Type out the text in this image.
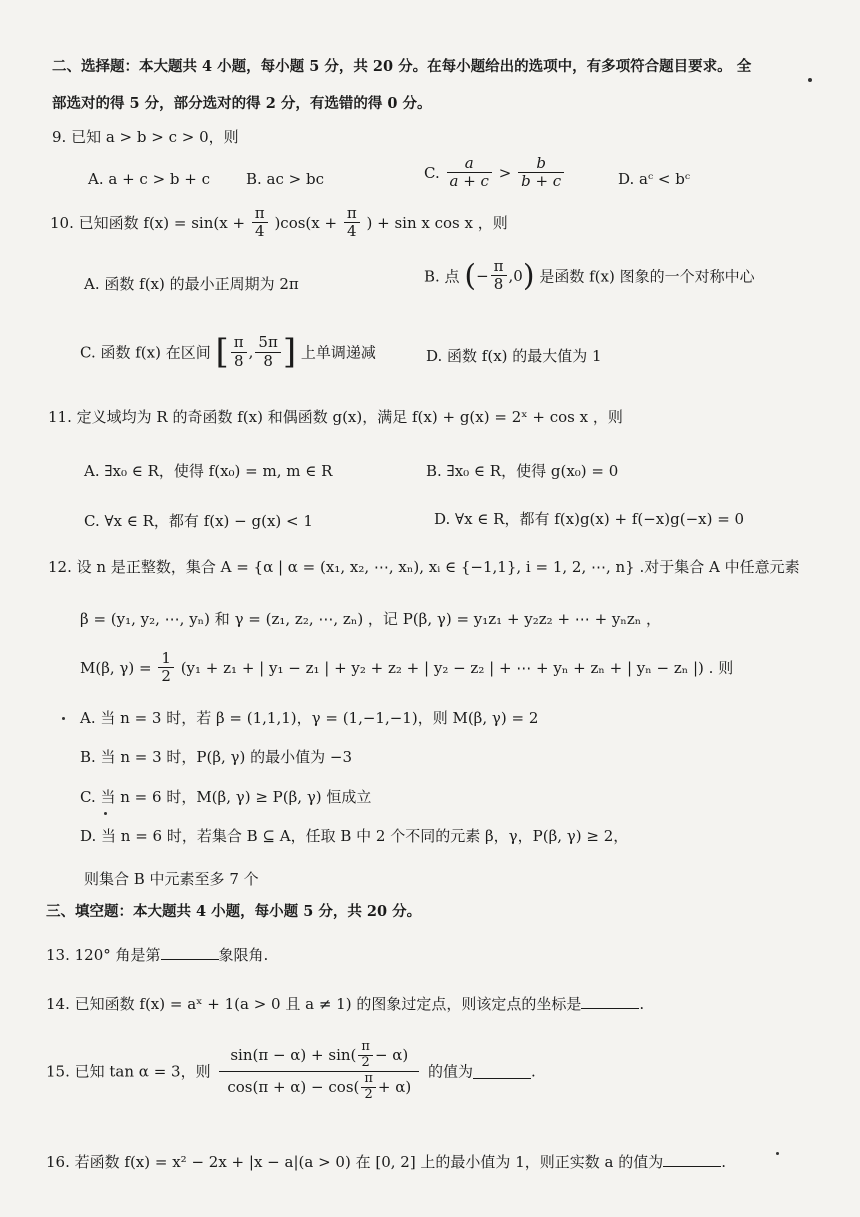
二、选择题：本大题共 4 小题，每小题 5 分，共 20 分。在每小题给出的选项中，有多项符合题目要求。 全
部选对的得 5 分，部分选对的得 2 分，有选错的得 0 分。
9. 已知 a > b > c > 0，则
A. a + c > b + c B. ac > bc	C. $\frac{a}{a + c} > \frac{b}{b + c}$	D. aᶜ < bᶜ
10. 已知函数 $f(x) = \sin(x + \frac{\pi}{4} )\cos(x + \frac{\pi}{4}$ ) + sin x cos x ，则
A. 函数 f(x) 的最小正周期为 2π	B. 点 (− $\frac{\pi}{8} ,0$) 是函数 f(x) 图象的一个对称中心
C. 函数 f(x) 在区间 [ $\frac{\pi}{8}$ , $\frac{5\pi}{8}$ ] 上单调递减	D. 函数 f(x) 的最大值为 1
11. 定义域均为 R 的奇函数 f(x) 和偶函数 g(x)，满足 f(x) + g(x) = 2ˣ + cos x ，则
A. ∃x₀ ∈ R，使得 f(x₀) = m, m ∈ R	B. ∃x₀ ∈ R，使得 g(x₀) = 0
C. ∀x ∈ R，都有 f(x) − g(x) < 1	D. ∀x ∈ R，都有 f(x)g(x) + f(−x)g(−x) = 0
12. 设 n 是正整数，集合 A = {α | α = (x₁, x₂, ⋯, xₙ), xᵢ ∈ {−1,1}, i = 1, 2, ⋯, n} .对于集合 A 中任意元素
β = (y₁, y₂, ⋯, yₙ) 和 γ = (z₁, z₂, ⋯, zₙ) ，记 P(β, γ) = y₁z₁ + y₂z₂ + ⋯ + yₙzₙ ，
M(β, $\gamma) = \frac{1}{2} (y_1 + z_1$ + | y₁ − z₁ | + y₂ + z₂ + | y₂ − z₂ | + ⋯ + yₙ + zₙ + | yₙ − zₙ |) . 则
A. 当 n = 3 时，若 β = (1,1,1)，γ = (1,−1,−1)，则 M(β, γ) = 2
B. 当 n = 3 时，P(β, γ) 的最小值为 −3
C. 当 n = 6 时，M(β, γ) ≥ P(β, γ) 恒成立
D. 当 n = 6 时，若集合 B ⊆ A，任取 B 中 2 个不同的元素 β，γ，P(β, γ) ≥ 2，
则集合 B 中元素至多 7 个
三、填空题：本大题共 4 小题，每小题 5 分，共 20 分。
13. 120° 角是第	象限角.
14. 已知函数 f(x) = aˣ + 1(a > 0 且 a ≠ 1) 的图象过定点，则该定点的坐标是	.
15. 已知 tan α = 3，则 $\frac{\sin(\pi - \alpha) + \sin( \frac{\pi}{2} - \alpha)}{\cos(\pi + \alpha) - \cos( \frac{\pi}{2} + \alpha)}$ 的值为	.
16. 若函数 f(x) = x² − 2x + |x − a|(a > 0) 在 [0, 2] 上的最小值为 1，则正实数 a 的值为	.
